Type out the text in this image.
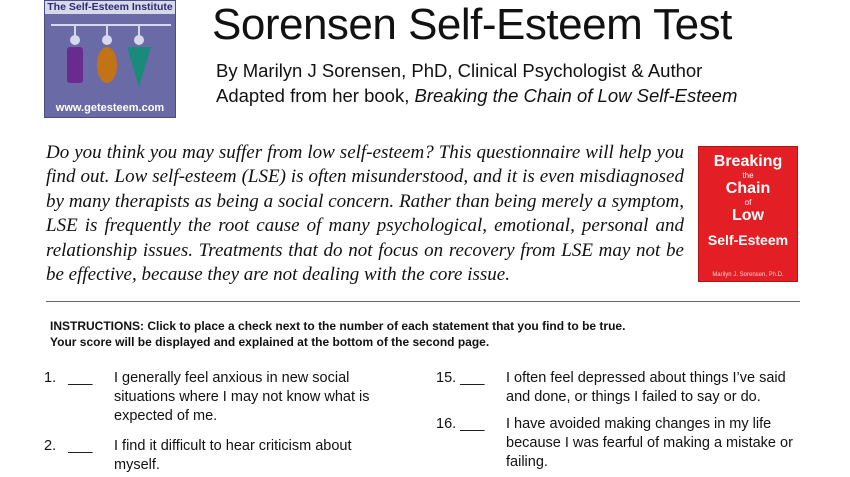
The Self-Esteem Institute
www.getesteem.com
Sorensen Self-Esteem Test
By Marilyn J Sorensen, PhD, Clinical Psychologist & Author
Adapted from her book, Breaking the Chain of Low Self-Esteem
Do you think you may suffer from low self-esteem? This questionnaire will help you find out. Low self-esteem (LSE) is often misunderstood, and it is even misdiagnosed by many therapists as being a social concern. Rather than being merely a symptom, LSE is frequently the root cause of many psychological, emotional, personal and relationship issues. Treatments that do not focus on recovery from LSE may not be be effective, because they are not dealing with the core issue.
Breaking
the
Chain
of
Low
Self-Esteem
Marilyn J. Sorensen, Ph.D.
INSTRUCTIONS: Click to place a check next to the number of each statement that you find to be true.
Your score will be displayed and explained at the bottom of the second page.
1. ___ I generally feel anxious in new social situations where I may not know what is expected of me.
2. ___ I find it difficult to hear criticism about myself.
15. ___ I often feel depressed about things I’ve said and done, or things I failed to say or do.
16. ___ I have avoided making changes in my life because I was fearful of making a mistake or failing.
